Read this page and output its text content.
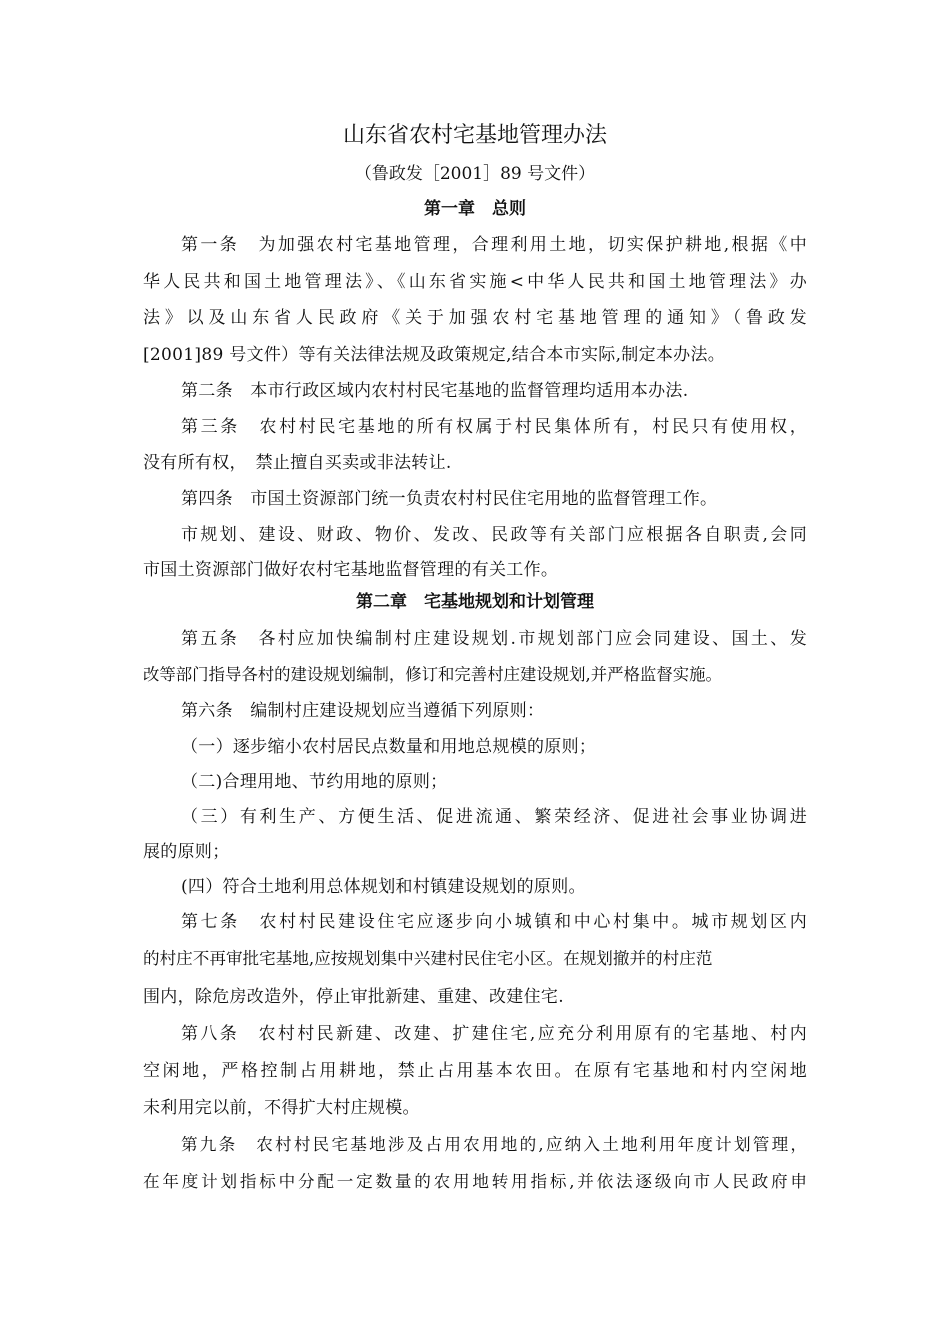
山东省农村宅基地管理办法
（鲁政发［2001］89 号文件）
第一章　总则
第一条　为加强农村宅基地管理，合理利用土地，切实保护耕地,根据《中
华人民共和国土地管理法》、《山东省实施<中华人民共和国土地管理法》办
法》以及山东省人民政府《关于加强农村宅基地管理的通知》（鲁政发
[2001]89 号文件）等有关法律法规及政策规定,结合本市实际,制定本办法。
第二条　本市行政区域内农村村民宅基地的监督管理均适用本办法.
第三条　农村村民宅基地的所有权属于村民集体所有，村民只有使用权，
没有所有权，　禁止擅自买卖或非法转让.
第四条　市国土资源部门统一负责农村村民住宅用地的监督管理工作。
市规划、建设、财政、物价、发改、民政等有关部门应根据各自职责,会同
市国土资源部门做好农村宅基地监督管理的有关工作。
第二章　宅基地规划和计划管理
第五条　各村应加快编制村庄建设规划.市规划部门应会同建设、国土、发
改等部门指导各村的建设规划编制，修订和完善村庄建设规划,并严格监督实施。
第六条　编制村庄建设规划应当遵循下列原则：
（一）逐步缩小农村居民点数量和用地总规模的原则；
（二)合理用地、节约用地的原则；
（三）有利生产、方便生活、促进流通、繁荣经济、促进社会事业协调进
展的原则；
(四）符合土地利用总体规划和村镇建设规划的原则。
第七条　农村村民建设住宅应逐步向小城镇和中心村集中。城市规划区内
的村庄不再审批宅基地,应按规划集中兴建村民住宅小区。在规划撤并的村庄范
围内，除危房改造外，停止审批新建、重建、改建住宅.
第八条　农村村民新建、改建、扩建住宅,应充分利用原有的宅基地、村内
空闲地，严格控制占用耕地，禁止占用基本农田。在原有宅基地和村内空闲地
未利用完以前，不得扩大村庄规模。
第九条　农村村民宅基地涉及占用农用地的,应纳入土地利用年度计划管理，
在年度计划指标中分配一定数量的农用地转用指标,并依法逐级向市人民政府申
